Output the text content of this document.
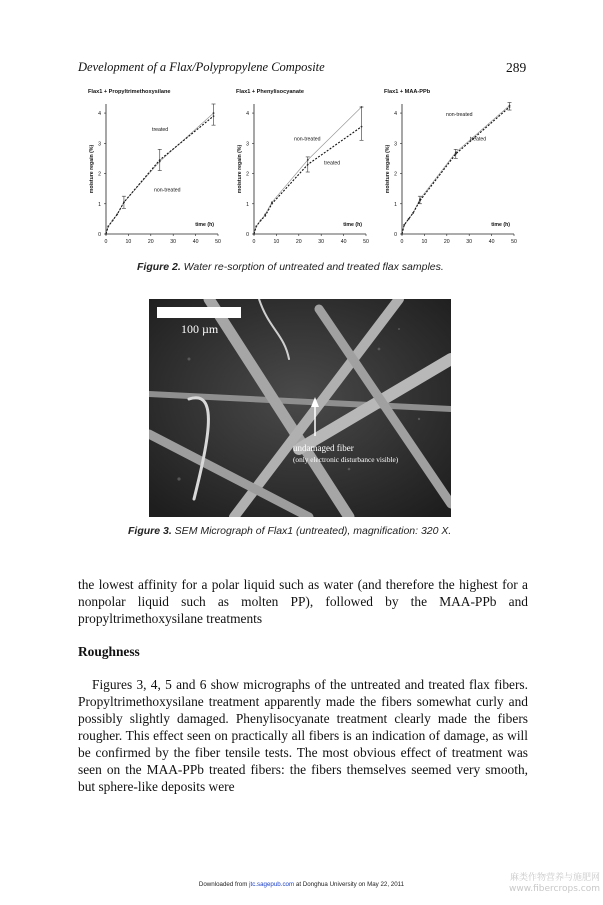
Development of a Flax/Polypropylene Composite	289
Flax1 + Propyltrimethoxysilane
0
1
2
3
4
0	10	20	30	40	50
moisture regain (%)
time (h)
treated
non-treated
Flax1 + Phenylisocyanate
0
1
2
3
4
0	10	20	30	40	50
moisture regain (%)
time (h)
non-treated
treated
Flax1 + MAA-PPb
0
1
2
3
4
0	10	20	30	40	50
moisture regain (%)
time (h)
non-treated
treated
Figure 2. Water re-sorption of untreated and treated flax samples.
100 µm
undamaged fiber
(only electronic disturbance visible)
Figure 3. SEM Micrograph of Flax1 (untreated), magnification: 320 X.
the lowest affinity for a polar liquid such as water (and therefore the highest for a nonpolar liquid such as molten PP), followed by the MAA-PPb and propyltrimethoxysilane treatments
Roughness
Figures 3, 4, 5 and 6 show micrographs of the untreated and treated flax fibers. Propyltrimethoxysilane treatment apparently made the fibers somewhat curly and possibly slightly damaged. Phenylisocyanate treatment clearly made the fibers rougher. This effect seen on practically all fibers is an indication of damage, as will be confirmed by the fiber tensile tests. The most obvious effect of treatment was seen on the MAA-PPb treated fibers: the fibers themselves seemed very smooth, but sphere-like deposits were
Downloaded from jtc.sagepub.com at Donghua University on May 22, 2011
麻类作物营养与施肥网
www.fibercrops.com
